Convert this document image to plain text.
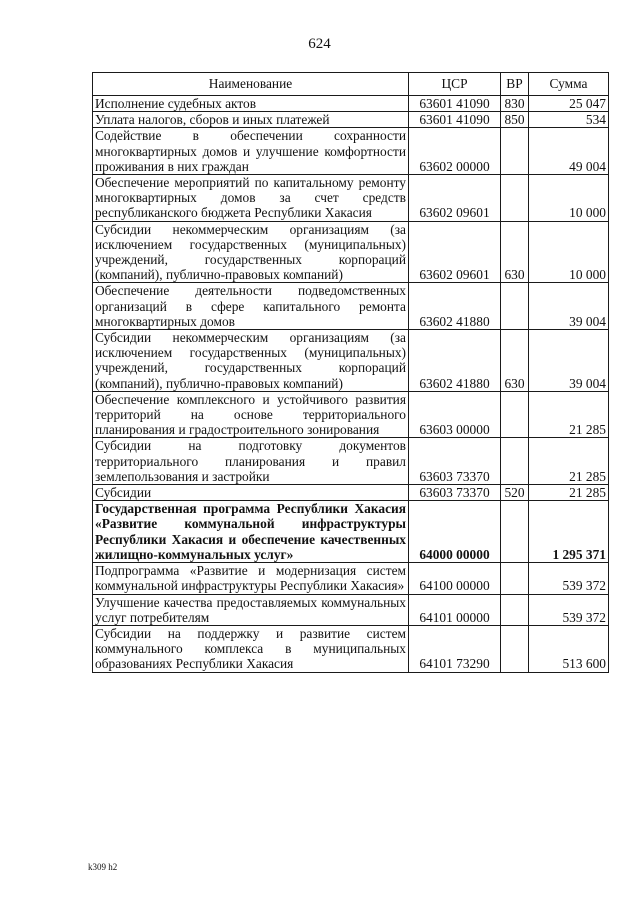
624
Наименование	ЦСР	ВР	Сумма
Исполнение судебных актов	63601 41090	830	25 047
Уплата налогов, сборов и иных платежей	63601 41090	850	534
Содействие в обеспечении сохранности многоквартирных домов и улучшение комфортности проживания в них граждан	63602 00000		49 004
Обеспечение мероприятий по капитальному ремонту многоквартирных домов за счет средств республиканского бюджета Республики Хакасия	63602 09601		10 000
Субсидии некоммерческим организациям (за исключением государственных (муниципальных) учреждений, государственных корпораций (компаний), публично-правовых компаний)	63602 09601	630	10 000
Обеспечение деятельности подведомственных организаций в сфере капитального ремонта многоквартирных домов	63602 41880		39 004
Субсидии некоммерческим организациям (за исключением государственных (муниципальных) учреждений, государственных корпораций (компаний), публично-правовых компаний)	63602 41880	630	39 004
Обеспечение комплексного и устойчивого развития территорий на основе территориального планирования и градостроительного зонирования	63603 00000		21 285
Субсидии на подготовку документов территориального планирования и правил землепользования и застройки	63603 73370		21 285
Субсидии	63603 73370	520	21 285
Государственная программа Республики Хакасия «Развитие коммунальной инфраструктуры Республики Хакасия и обеспечение качественных жилищно-коммунальных услуг»	64000 00000		1 295 371
Подпрограмма «Развитие и модернизация систем коммунальной инфраструктуры Республики Хакасия»	64100 00000		539 372
Улучшение качества предоставляемых коммунальных услуг потребителям	64101 00000		539 372
Субсидии на поддержку и развитие систем коммунального комплекса в муниципальных образованиях Республики Хакасия	64101 73290		513 600
k309 h2
